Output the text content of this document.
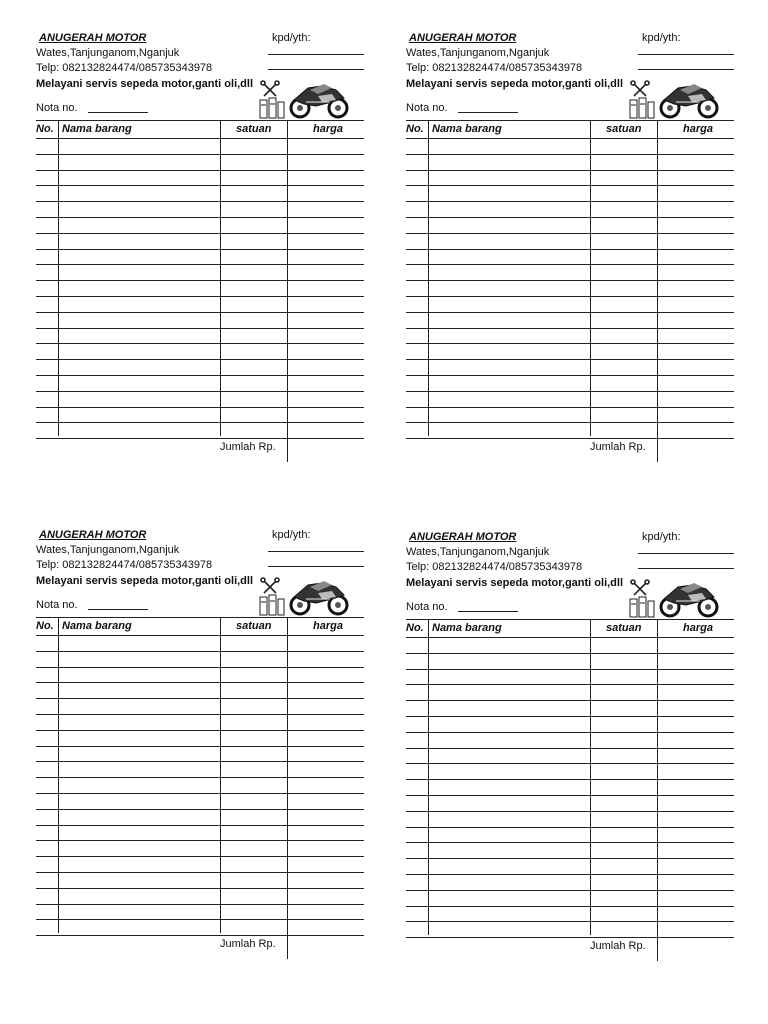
ANUGERAH MOTOR	kpd/yth:
Wates,Tanjunganom,Nganjuk
Telp: 082132824474/085735343978
Melayani servis sepeda motor,ganti oli,dll
Nota no.
No. Nama barang	satuan	harga
Jumlah Rp.
ANUGERAH MOTOR	kpd/yth:
Wates,Tanjunganom,Nganjuk
Telp: 082132824474/085735343978
Melayani servis sepeda motor,ganti oli,dll
Nota no.
No. Nama barang	satuan	harga
Jumlah Rp.
ANUGERAH MOTOR	kpd/yth:
Wates,Tanjunganom,Nganjuk
Telp: 082132824474/085735343978
Melayani servis sepeda motor,ganti oli,dll
Nota no.
No. Nama barang	satuan	harga
Jumlah Rp.
ANUGERAH MOTOR	kpd/yth:
Wates,Tanjunganom,Nganjuk
Telp: 082132824474/085735343978
Melayani servis sepeda motor,ganti oli,dll
Nota no.
No. Nama barang	satuan	harga
Jumlah Rp.
